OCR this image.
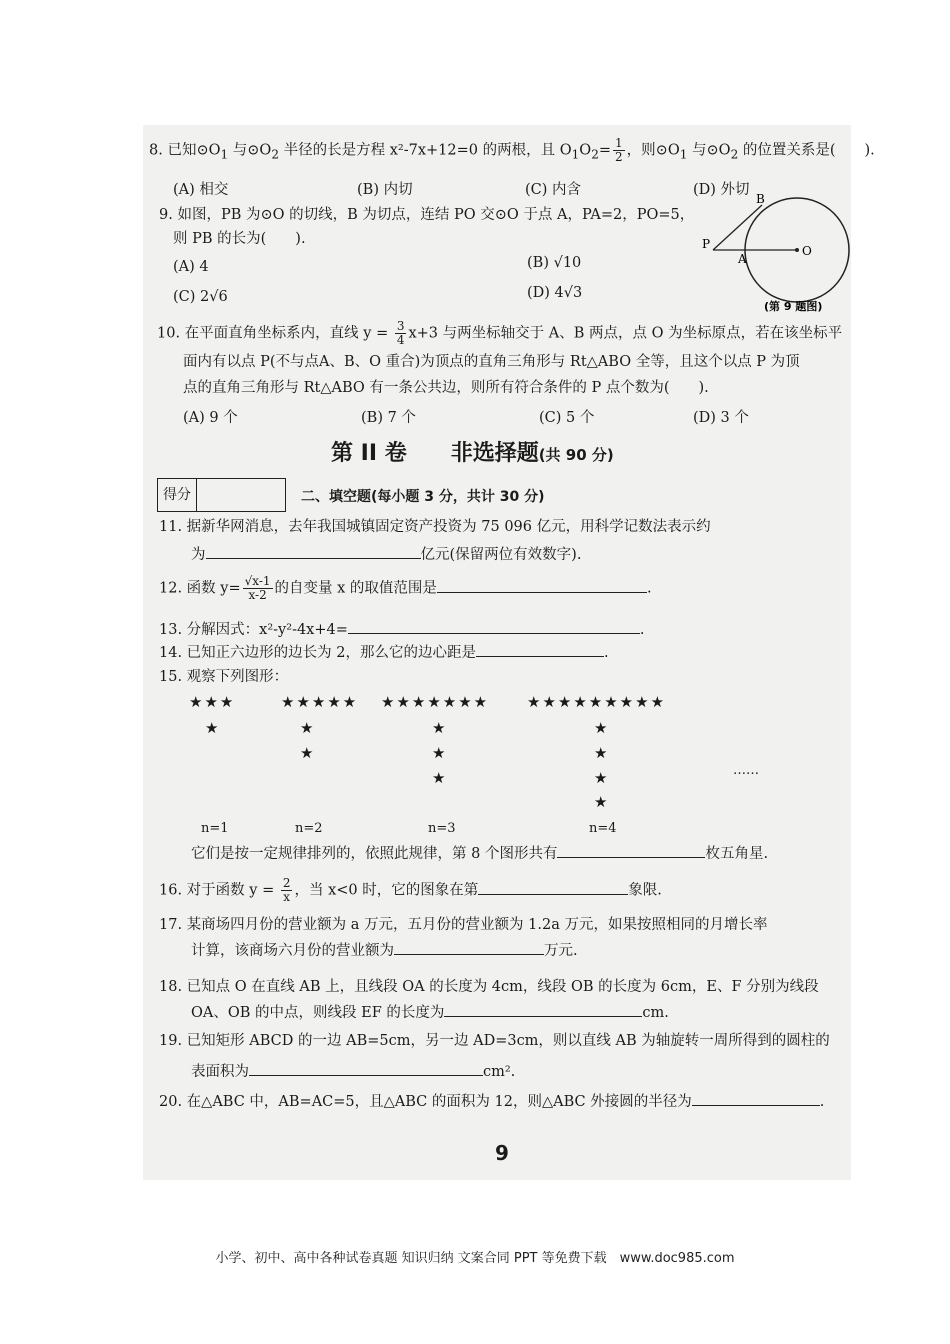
8. 已知$⊙O_1$ 与$⊙O_2$ 半径的长是方程 x²-7x+12=0 的两根，且 $O_1O_2= \frac{1}{2}$ ，则$⊙O_1$ 与$⊙O_2$ 的位置关系是(　　).
(A) 相交	(B) 内切	(C) 内含	(D) 外切
9. 如图，PB 为⊙O 的切线，B 为切点，连结 PO 交⊙O 于点 A，PA=2，PO=5，
则 PB 的长为(　　).
(A) 4	(B) √10
(C) 2√6	(D) 4√3
B
P
A
O
(第 9 题图)
10. 在平面直角坐标系内，直线 $y = \frac{3}{4} x+3$ 与两坐标轴交于 A、B 两点，点 O 为坐标原点，若在该坐标平
面内有以点 P(不与点A、B、O 重合)为顶点的直角三角形与 Rt△ABO 全等，且这个以点 P 为顶
点的直角三角形与 Rt△ABO 有一条公共边，则所有符合条件的 P 点个数为(　　).
(A) 9 个	(B) 7 个	(C) 5 个	(D) 3 个
第 II 卷　　非选择题(共 90 分)
得分	二、填空题(每小题 3 分，共计 30 分)
11. 据新华网消息，去年我国城镇固定资产投资为 75 096 亿元，用科学记数法表示约
为	亿元(保留两位有效数字).
12. 函数 $y= \frac{√x-1}{x-2}$ 的自变量 x 的取值范围是	.
13. 分解因式：x²-y²-4x+4=	.
14. 已知正六边形的边长为 2，那么它的边心距是	.
15. 观察下列图形：
★★★
★
★★★★★
★
★
★★★★★★★
★
★
★
★★★★★★★★★
★
★
★
★
……
n=1	n=2	n=3	n=4
它们是按一定规律排列的，依照此规律，第 8 个图形共有	枚五角星.
16. 对于函数 $y = \frac{2}{x}$ ，当 x<0 时，它的图象在第	象限.
17. 某商场四月份的营业额为 a 万元，五月份的营业额为 1.2a 万元，如果按照相同的月增长率
计算，该商场六月份的营业额为	万元.
18. 已知点 O 在直线 AB 上，且线段 OA 的长度为 4cm，线段 OB 的长度为 6cm，E、F 分别为线段
OA、OB 的中点，则线段 EF 的长度为	cm.
19. 已知矩形 ABCD 的一边 AB=5cm，另一边 AD=3cm，则以直线 AB 为轴旋转一周所得到的圆柱的
表面积为	cm².
20. 在△ABC 中，AB=AC=5，且△ABC 的面积为 12，则△ABC 外接圆的半径为	.
9
小学、初中、高中各种试卷真题 知识归纳 文案合同 PPT 等免费下载　www.doc985.com
